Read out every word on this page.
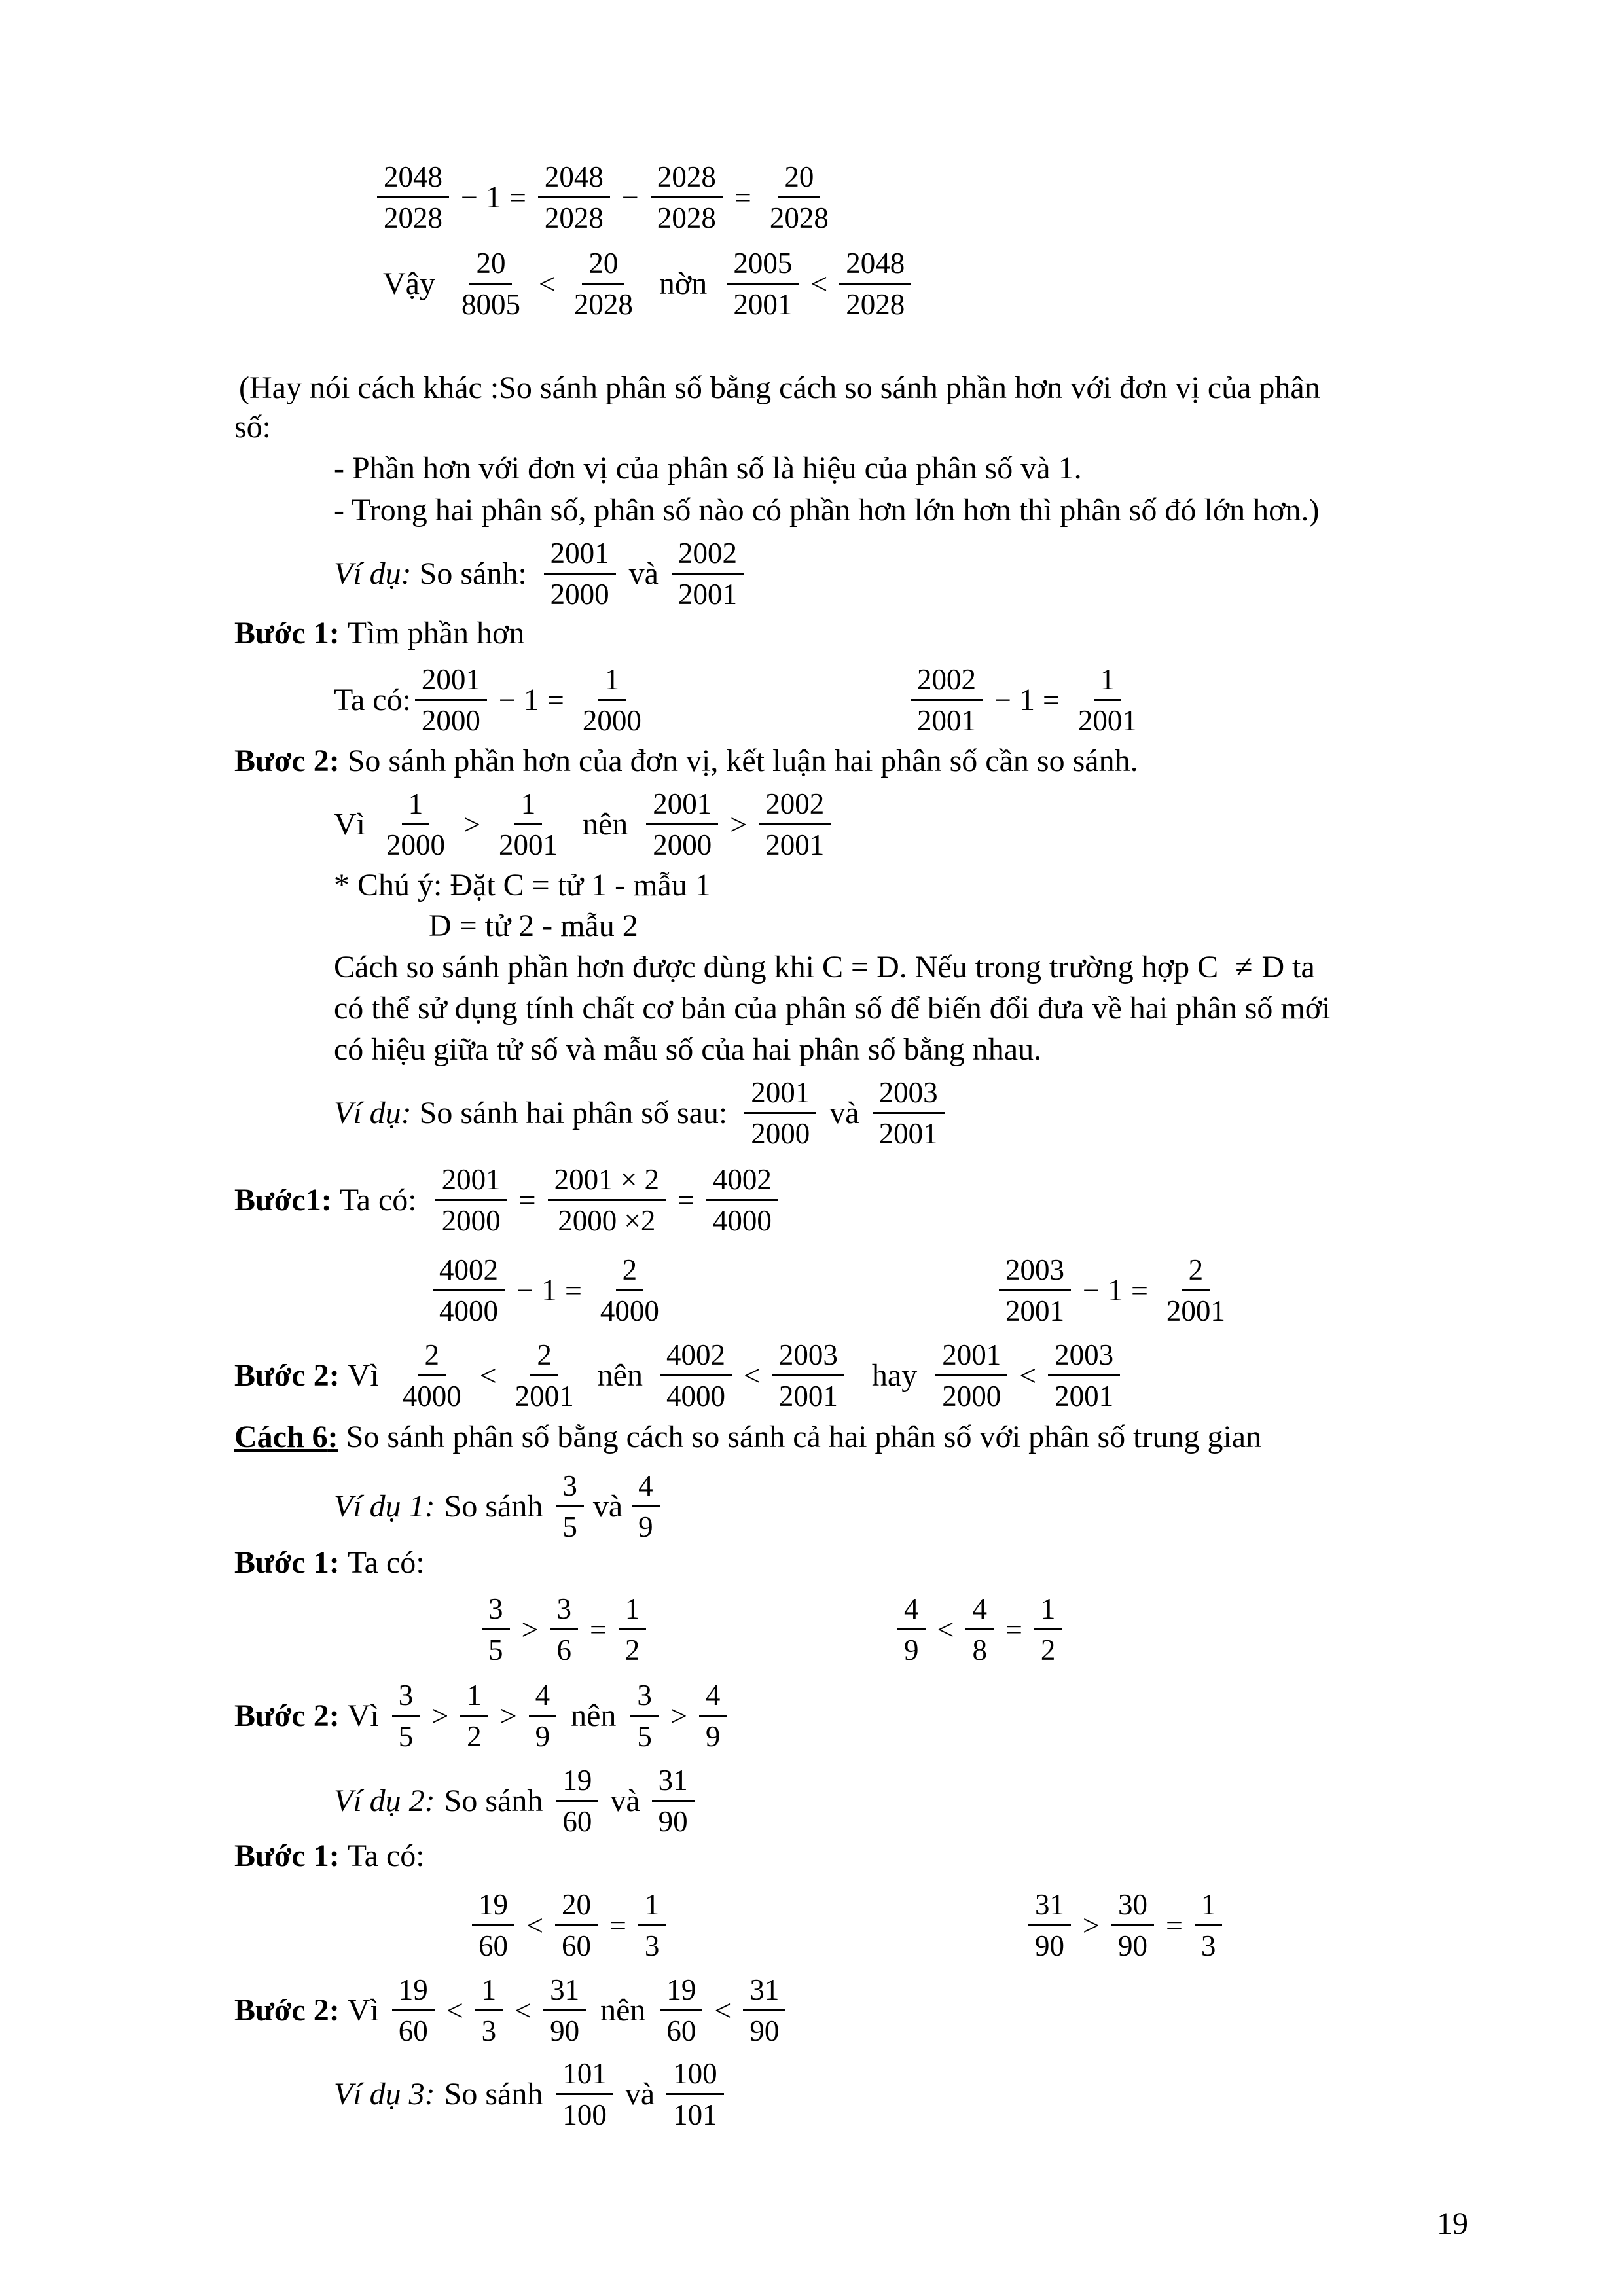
$\frac{2048}{2028} - 1 = \frac{2048}{2028} - \frac{2028}{2028} = \frac{20}{2028}$
Vậy $\frac{20}{8005} < \frac{20}{2028}$ nờn $\frac{2005}{2001} < \frac{2048}{2028}$
(Hay nói cách khác :So sánh phân số bằng cách so sánh phần hơn với đơn vị của phân
số:
- Phần hơn với đơn vị của phân số là hiệu của phân số và 1.
- Trong hai phân số, phân số nào có phần hơn lớn hơn thì phân số đó lớn hơn.)
Ví dụ: So sánh: $\frac{2001}{2000}$ và $\frac{2002}{2001}$
Bước 1: Tìm phần hơn
Ta có: $\frac{2001}{2000} - 1 = \frac{1}{2000}$	$\frac{2002}{2001} - 1 = \frac{1}{2001}$
Bươc 2: So sánh phần hơn của đơn vị, kết luận hai phân số cần so sánh.
Vì $\frac{1}{2000} > \frac{1}{2001}$ nên $\frac{2001}{2000} > \frac{2002}{2001}$
* Chú ý: Đặt C = tử 1 - mẫu 1
D = tử 2 - mẫu 2
Cách so sánh phần hơn được dùng khi C = D. Nếu trong trường hợp C ≠ D ta
có thể sử dụng tính chất cơ bản của phân số để biến đổi đưa về hai phân số mới
có hiệu giữa tử số và mẫu số của hai phân số bằng nhau.
Ví dụ: So sánh hai phân số sau: $\frac{2001}{2000}$ và $\frac{2003}{2001}$
Bước1: Ta có: $\frac{2001}{2000} = \frac{2001 \times 2}{2000 \times 2} = \frac{4002}{4000}$
$\frac{4002}{4000} - 1 = \frac{2}{4000}$	$\frac{2003}{2001} - 1 = \frac{2}{2001}$
Bước 2: Vì $\frac{2}{4000} < \frac{2}{2001}$ nên $\frac{4002}{4000} < \frac{2003}{2001}$ hay $\frac{2001}{2000} < \frac{2003}{2001}$
Cách 6 : So sánh phân số bằng cách so sánh cả hai phân số với phân số trung gian
Ví dụ 1: So sánh $\frac{3}{5}$ và $\frac{4}{9}$
Bước 1: Ta có:
$\frac{3}{5} > \frac{3}{6} = \frac{1}{2}$	$\frac{4}{9} < \frac{4}{8} = \frac{1}{2}$
Bước 2: Vì $\frac{3}{5} > \frac{1}{2} > \frac{4}{9}$ nên $\frac{3}{5} > \frac{4}{9}$
Ví dụ 2: So sánh $\frac{19}{60}$ và $\frac{31}{90}$
Bước 1: Ta có:
$\frac{19}{60} < \frac{20}{60} = \frac{1}{3}$	$\frac{31}{90} > \frac{30}{90} = \frac{1}{3}$
Bước 2: Vì $\frac{19}{60} < \frac{1}{3} < \frac{31}{90}$ nên $\frac{19}{60} < \frac{31}{90}$
Ví dụ 3: So sánh $\frac{101}{100}$ và $\frac{100}{101}$
19
